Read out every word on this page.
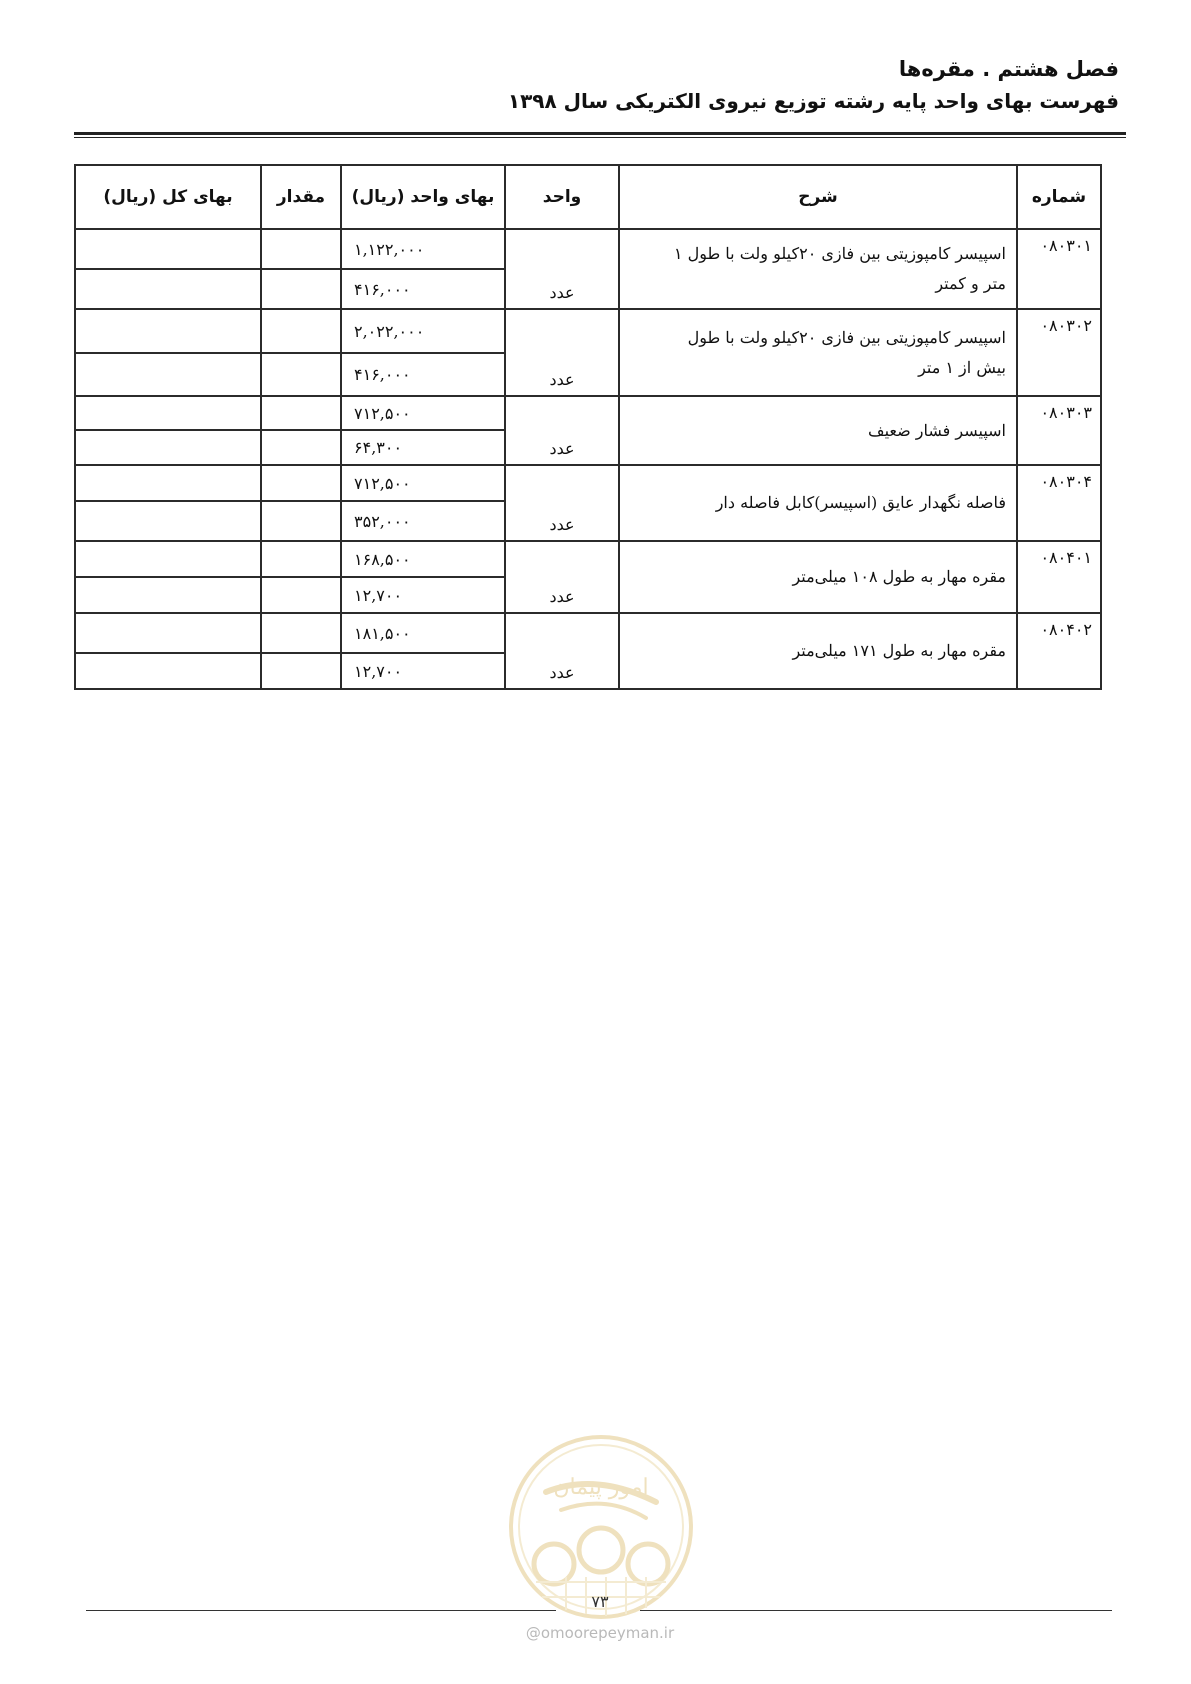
فصل هشتم . مقره‌ها
فهرست بهای واحد پایه رشته توزیع نیروی الکتریکی سال ۱۳۹۸
شماره	شرح	واحد	بهای واحد (ریال)	مقدار	بهای کل (ریال)
۰۸۰۳۰۱	اسپیسر کامپوزیتی بین فازی ۲۰کیلو ولت با طول ۱
متر و کمتر	عدد	۱,۱۲۲,۰۰۰		
			۴۱۶,۰۰۰		
۰۸۰۳۰۲	اسپیسر کامپوزیتی بین فازی ۲۰کیلو ولت با طول
بیش از ۱ متر	عدد	۲,۰۲۲,۰۰۰		
			۴۱۶,۰۰۰		
۰۸۰۳۰۳	اسپیسر فشار ضعیف	عدد	۷۱۲,۵۰۰		
			۶۴,۳۰۰		
۰۸۰۳۰۴	فاصله نگهدار عایق (اسپیسر)کابل فاصله دار	عدد	۷۱۲,۵۰۰		
			۳۵۲,۰۰۰		
۰۸۰۴۰۱	مقره مهار به طول ۱۰۸ میلی‌متر	عدد	۱۶۸,۵۰۰		
			۱۲,۷۰۰		
۰۸۰۴۰۲	مقره مهار به طول ۱۷۱ میلی‌متر	عدد	۱۸۱,۵۰۰		
			۱۲,۷۰۰		
امور پیمان
۷۳
@omoorepeyman.ir
